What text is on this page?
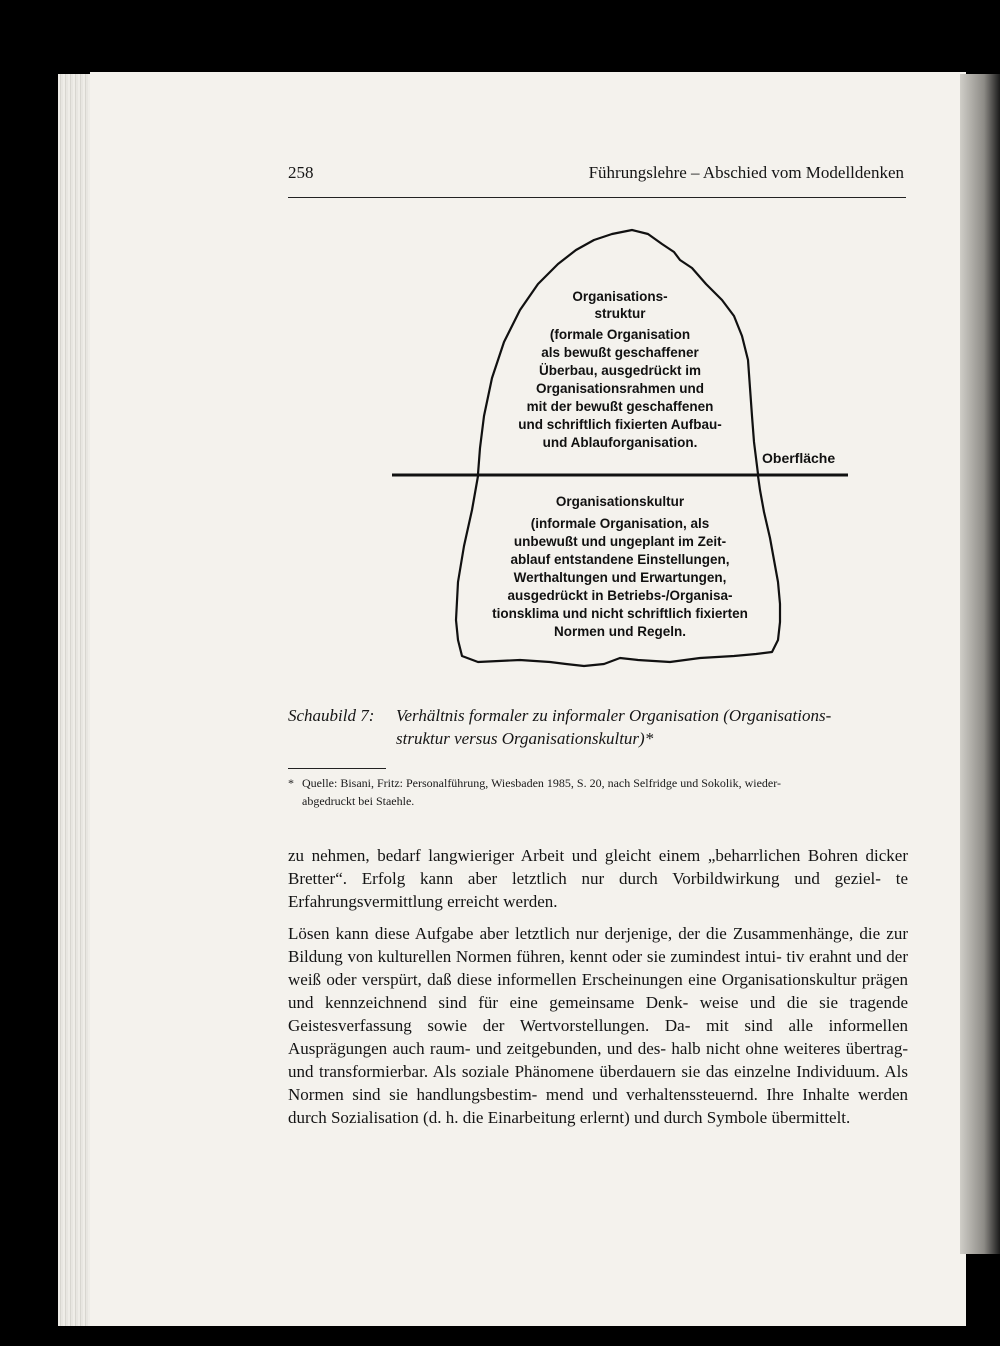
258	Führungslehre – Abschied vom Modelldenken
Organisations-
struktur
(formale Organisation
als bewußt geschaffener
Überbau, ausgedrückt im
Organisationsrahmen und
mit der bewußt geschaffenen
und schriftlich fixierten Aufbau-
und Ablauforganisation.
Oberfläche
Organisationskultur
(informale Organisation, als
unbewußt und ungeplant im Zeit-
ablauf entstandene Einstellungen,
Werthaltungen und Erwartungen,
ausgedrückt in Betriebs-/Organisa-
tionsklima und nicht schriftlich fixierten
Normen und Regeln.
Schaubild 7:	Verhältnis formaler zu informaler Organisation (Organisations-
struktur versus Organisationskultur)*
* Quelle: Bisani, Fritz: Personalführung, Wiesbaden 1985, S. 20, nach Selfridge und Sokolik, wieder-
abgedruckt bei Staehle.
zu nehmen, bedarf langwieriger Arbeit und gleicht einem „beharrlichen Bohren dicker Bretter“. Erfolg kann aber letztlich nur durch Vorbildwirkung und geziel- te Erfahrungsvermittlung erreicht werden.
Lösen kann diese Aufgabe aber letztlich nur derjenige, der die Zusammenhänge, die zur Bildung von kulturellen Normen führen, kennt oder sie zumindest intui- tiv erahnt und der weiß oder verspürt, daß diese informellen Erscheinungen eine Organisationskultur prägen und kennzeichnend sind für eine gemeinsame Denk- weise und die sie tragende Geistesverfassung sowie der Wertvorstellungen. Da- mit sind alle informellen Ausprägungen auch raum- und zeitgebunden, und des- halb nicht ohne weiteres übertrag- und transformierbar. Als soziale Phänomene überdauern sie das einzelne Individuum. Als Normen sind sie handlungsbestim- mend und verhaltenssteuernd. Ihre Inhalte werden durch Sozialisation (d. h. die Einarbeitung erlernt) und durch Symbole übermittelt.
